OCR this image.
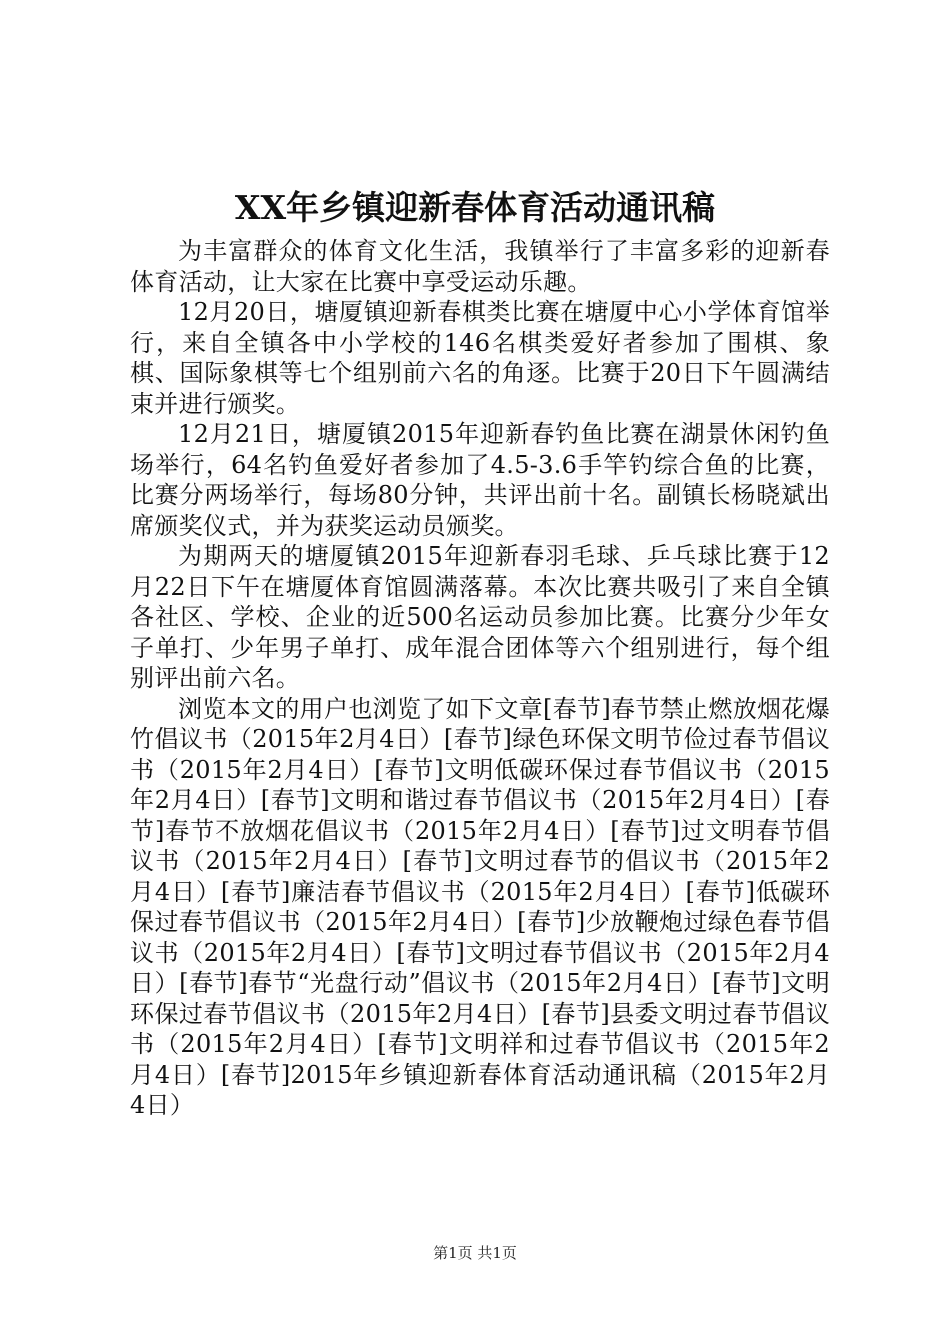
XX年乡镇迎新春体育活动通讯稿

为丰富群众的体育文化生活，我镇举行了丰富多彩的迎新春体育活动，让大家在比赛中享受运动乐趣。

12月20日，塘厦镇迎新春棋类比赛在塘厦中心小学体育馆举行，来自全镇各中小学校的146名棋类爱好者参加了围棋、象棋、国际象棋等七个组别前六名的角逐。比赛于20日下午圆满结束并进行颁奖。

12月21日，塘厦镇2015年迎新春钓鱼比赛在湖景休闲钓鱼场举行，64名钓鱼爱好者参加了4.5-3.6手竿钓综合鱼的比赛，比赛分两场举行，每场80分钟，共评出前十名。副镇长杨晓斌出席颁奖仪式，并为获奖运动员颁奖。

为期两天的塘厦镇2015年迎新春羽毛球、乒乓球比赛于12月22日下午在塘厦体育馆圆满落幕。本次比赛共吸引了来自全镇各社区、学校、企业的近500名运动员参加比赛。比赛分少年女子单打、少年男子单打、成年混合团体等六个组别进行，每个组别评出前六名。

浏览本文的用户也浏览了如下文章[春节]春节禁止燃放烟花爆竹倡议书（2015年2月4日）[春节]绿色环保文明节俭过春节倡议书（2015年2月4日）[春节]文明低碳环保过春节倡议书（2015年2月4日）[春节]文明和谐过春节倡议书（2015年2月4日）[春节]春节不放烟花倡议书（2015年2月4日）[春节]过文明春节倡议书（2015年2月4日）[春节]文明过春节的倡议书（2015年2月4日）[春节]廉洁春节倡议书（2015年2月4日）[春节]低碳环保过春节倡议书（2015年2月4日）[春节]少放鞭炮过绿色春节倡议书（2015年2月4日）[春节]文明过春节倡议书（2015年2月4日）[春节]春节“光盘行动”倡议书（2015年2月4日）[春节]文明环保过春节倡议书（2015年2月4日）[春节]县委文明过春节倡议书（2015年2月4日）[春节]文明祥和过春节倡议书（2015年2月4日）[春节]2015年乡镇迎新春体育活动通讯稿（2015年2月4日）

第1页 共1页
